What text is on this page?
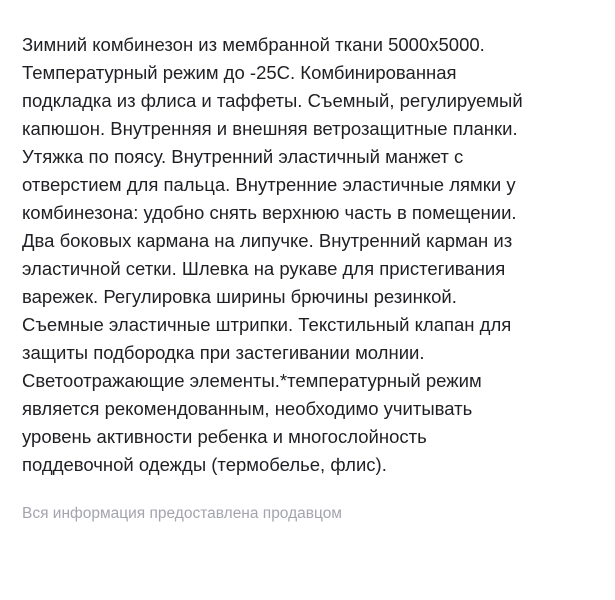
Зимний комбинезон из мембранной ткани 5000х5000.
Температурный режим до -25С. Комбинированная
подкладка из флиса и таффеты. Съемный, регулируемый
капюшон. Внутренняя и внешняя ветрозащитные планки.
Утяжка по поясу. Внутренний эластичный манжет с
отверстием для пальца. Внутренние эластичные лямки у
комбинезона: удобно снять верхнюю часть в помещении.
Два боковых кармана на липучке. Внутренний карман из
эластичной сетки. Шлевка на рукаве для пристегивания
варежек. Регулировка ширины брючины резинкой.
Съемные эластичные штрипки. Текстильный клапан для
защиты подбородка при застегивании молнии.
Светоотражающие элементы.*температурный режим
является рекомендованным, необходимо учитывать
уровень активности ребенка и многослойность
поддевочной одежды (термобелье, флис).

Вся информация предоставлена продавцом
